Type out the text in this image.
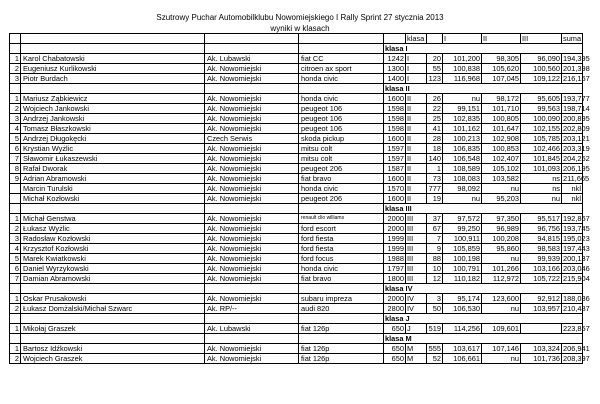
Szutrowy Puchar Automobilklubu Nowomiejskiego I Rally Sprint 27 stycznia 2013
wyniki w klasach
					klasa		I	II	III	suma
				klasa I						
1	Karol Chabatowski	Ak. Lubawski	fiat CC	1242	I	20	101,200	98,305	96,090	194,395
2	Eugeniusz Kurlikowski	Ak. Nowomiejski	citroen ax sport	1300	I	55	100,838	105,620	100,560	201,398
3	Piotr Burdach	Ak. Nowomiejski	honda civic	1400	I	123	116,968	107,045	109,122	216,167
				klasa II						
1	Mariusz Ząbkiewicz	Ak. Nowomiejski	honda civic	1600	II	26	nu	98,172	95,605	193,777
2	Wojciech Jankowski	Ak. Nowomiejski	peugeot 106	1598	II	22	99,151	101,710	99,563	198,714
3	Andrzej Jankowski	Ak. Nowomiejski	peugeot 106	1598	II	25	102,835	100,805	100,090	200,895
4	Tomasz Błaszkowski	Ak. Nowomiejski	peugeot 106	1598	II	41	101,162	101,647	102,155	202,809
5	Andrzej Długokęcki	Czech Serwis	skoda pickup	1600	II	28	100,213	102,908	105,785	203,121
6	Krystian Wyżlic	Ak. Nowomiejski	mitsu colt	1597	II	18	106,835	100,853	102,466	203,319
7	Sławomir Łukaszewski	Ak. Nowomiejski	mitsu colt	1597	II	140	106,548	102,407	101,845	204,252
8	Rafał Dworak	Ak. Nowomiejski	peugeot 206	1587	II	1	108,589	105,102	101,093	206,195
9	Adrian Abramowski	Ak. Nowomiejski	fiat bravo	1600	II	73	108,083	103,582	ns	211,665
	Marcin Turulski	Ak. Nowomiejski	honda civic	1570	II	777	98,092	nu	ns	nkl
	Michał Kozłowski	Ak. Nowomiejski	peugeot 206	1600	II	19	nu	95,203	nu	nkl
				klasa III						
1	Michał Genstwa	Ak. Nowomiejski	renault clio williams	2000	III	37	97,572	97,350	95,517	192,867
2	Łukasz Wyżlic	Ak. Nowomiejski	ford escort	2000	III	67	99,250	96,989	96,756	193,745
3	Radosław Kozłowski	Ak. Nowomiejski	ford fiesta	1999	III	7	100,911	100,208	94,815	195,023
4	Krzysztof Kozłowski	Ak. Nowomiejski	ford fiesta	1999	III	9	105,859	95,860	98,583	197,443
5	Marek Kwiatkowski	Ak. Nowomiejski	ford focus	1988	III	88	100,198	nu	99,939	200,137
6	Daniel Wyrzykowski	Ak. Nowomiejski	honda civic	1797	III	10	100,791	101,266	103,166	203,046
7	Damian Abramowski	Ak. Nowomiejski	fiat bravo	1800	III	12	110,182	112,972	105,722	215,904
				klasa IV						
1	Oskar Prusakowski	Ak. Nowomiejski	subaru impreza	2000	IV	3	95,174	123,600	92,912	188,086
2	Łukasz Domżalski/Michał Szwarc	Ak. RP/--	audi 820	2800	IV	50	106,530	nu	103,957	210,487
				klasa J						
1	Mikołaj Graszek	Ak. Lubawski	fiat 126p	650	J	519	114,256	109,601		223,857
				klasa M						
1	Bartosz Idźkowski	Ak. Nowomiejski	fiat 126p	650	M	555	103,617	107,146	103,324	206,941
2	Wojciech Graszek	Ak. Nowomiejski	fiat 126p	650	M	52	106,661	nu	101,736	208,397
